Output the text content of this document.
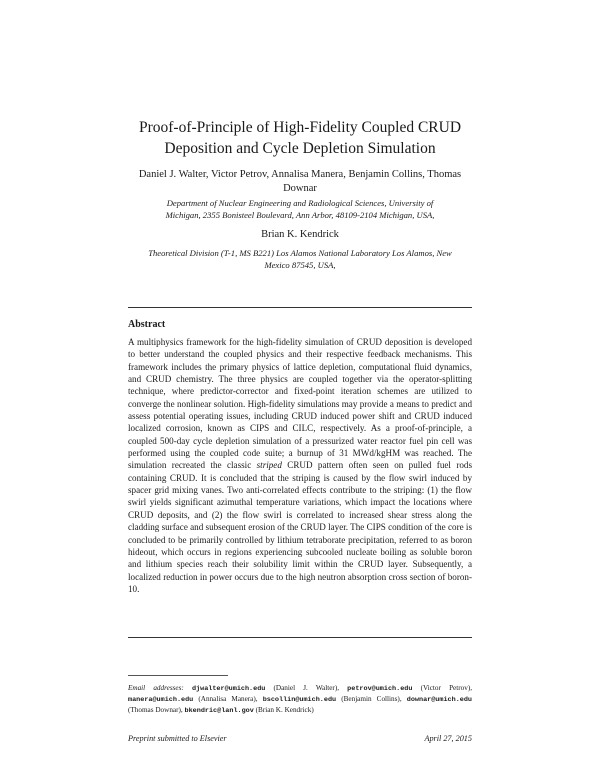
Proof-of-Principle of High-Fidelity Coupled CRUD
Deposition and Cycle Depletion Simulation
Daniel J. Walter, Victor Petrov, Annalisa Manera, Benjamin Collins, Thomas Downar
Department of Nuclear Engineering and Radiological Sciences, University of Michigan, 2355 Bonisteel Boulevard, Ann Arbor, 48109-2104 Michigan, USA,
Brian K. Kendrick
Theoretical Division (T-1, MS B221) Los Alamos National Laboratory Los Alamos, New Mexico 87545, USA,
Abstract
A multiphysics framework for the high-fidelity simulation of CRUD deposition is developed to better understand the coupled physics and their respective feedback mechanisms. This framework includes the primary physics of lattice depletion, computational fluid dynamics, and CRUD chemistry. The three physics are coupled together via the operator-splitting technique, where predictor-corrector and fixed-point iteration schemes are utilized to converge the nonlinear solution. High-fidelity simulations may provide a means to predict and assess potential operating issues, including CRUD induced power shift and CRUD induced localized corrosion, known as CIPS and CILC, respectively. As a proof-of-principle, a coupled 500-day cycle depletion simulation of a pressurized water reactor fuel pin cell was performed using the coupled code suite; a burnup of 31 MWd/kgHM was reached. The simulation recreated the classic striped CRUD pattern often seen on pulled fuel rods containing CRUD. It is concluded that the striping is caused by the flow swirl induced by spacer grid mixing vanes. Two anti-correlated effects contribute to the striping: (1) the flow swirl yields significant azimuthal temperature variations, which impact the locations where CRUD deposits, and (2) the flow swirl is correlated to increased shear stress along the cladding surface and subsequent erosion of the CRUD layer. The CIPS condition of the core is concluded to be primarily controlled by lithium tetraborate precipitation, referred to as boron hideout, which occurs in regions experiencing subcooled nucleate boiling as soluble boron and lithium species reach their solubility limit within the CRUD layer. Subsequently, a localized reduction in power occurs due to the high neutron absorption cross section of boron-10.
Email addresses: djwalter@umich.edu (Daniel J. Walter), petrov@umich.edu (Victor Petrov), manera@umich.edu (Annalisa Manera), bscollin@umich.edu (Benjamin Collins), downar@umich.edu (Thomas Downar), bkendric@lanl.gov (Brian K. Kendrick)
Preprint submitted to Elsevier	April 27, 2015
